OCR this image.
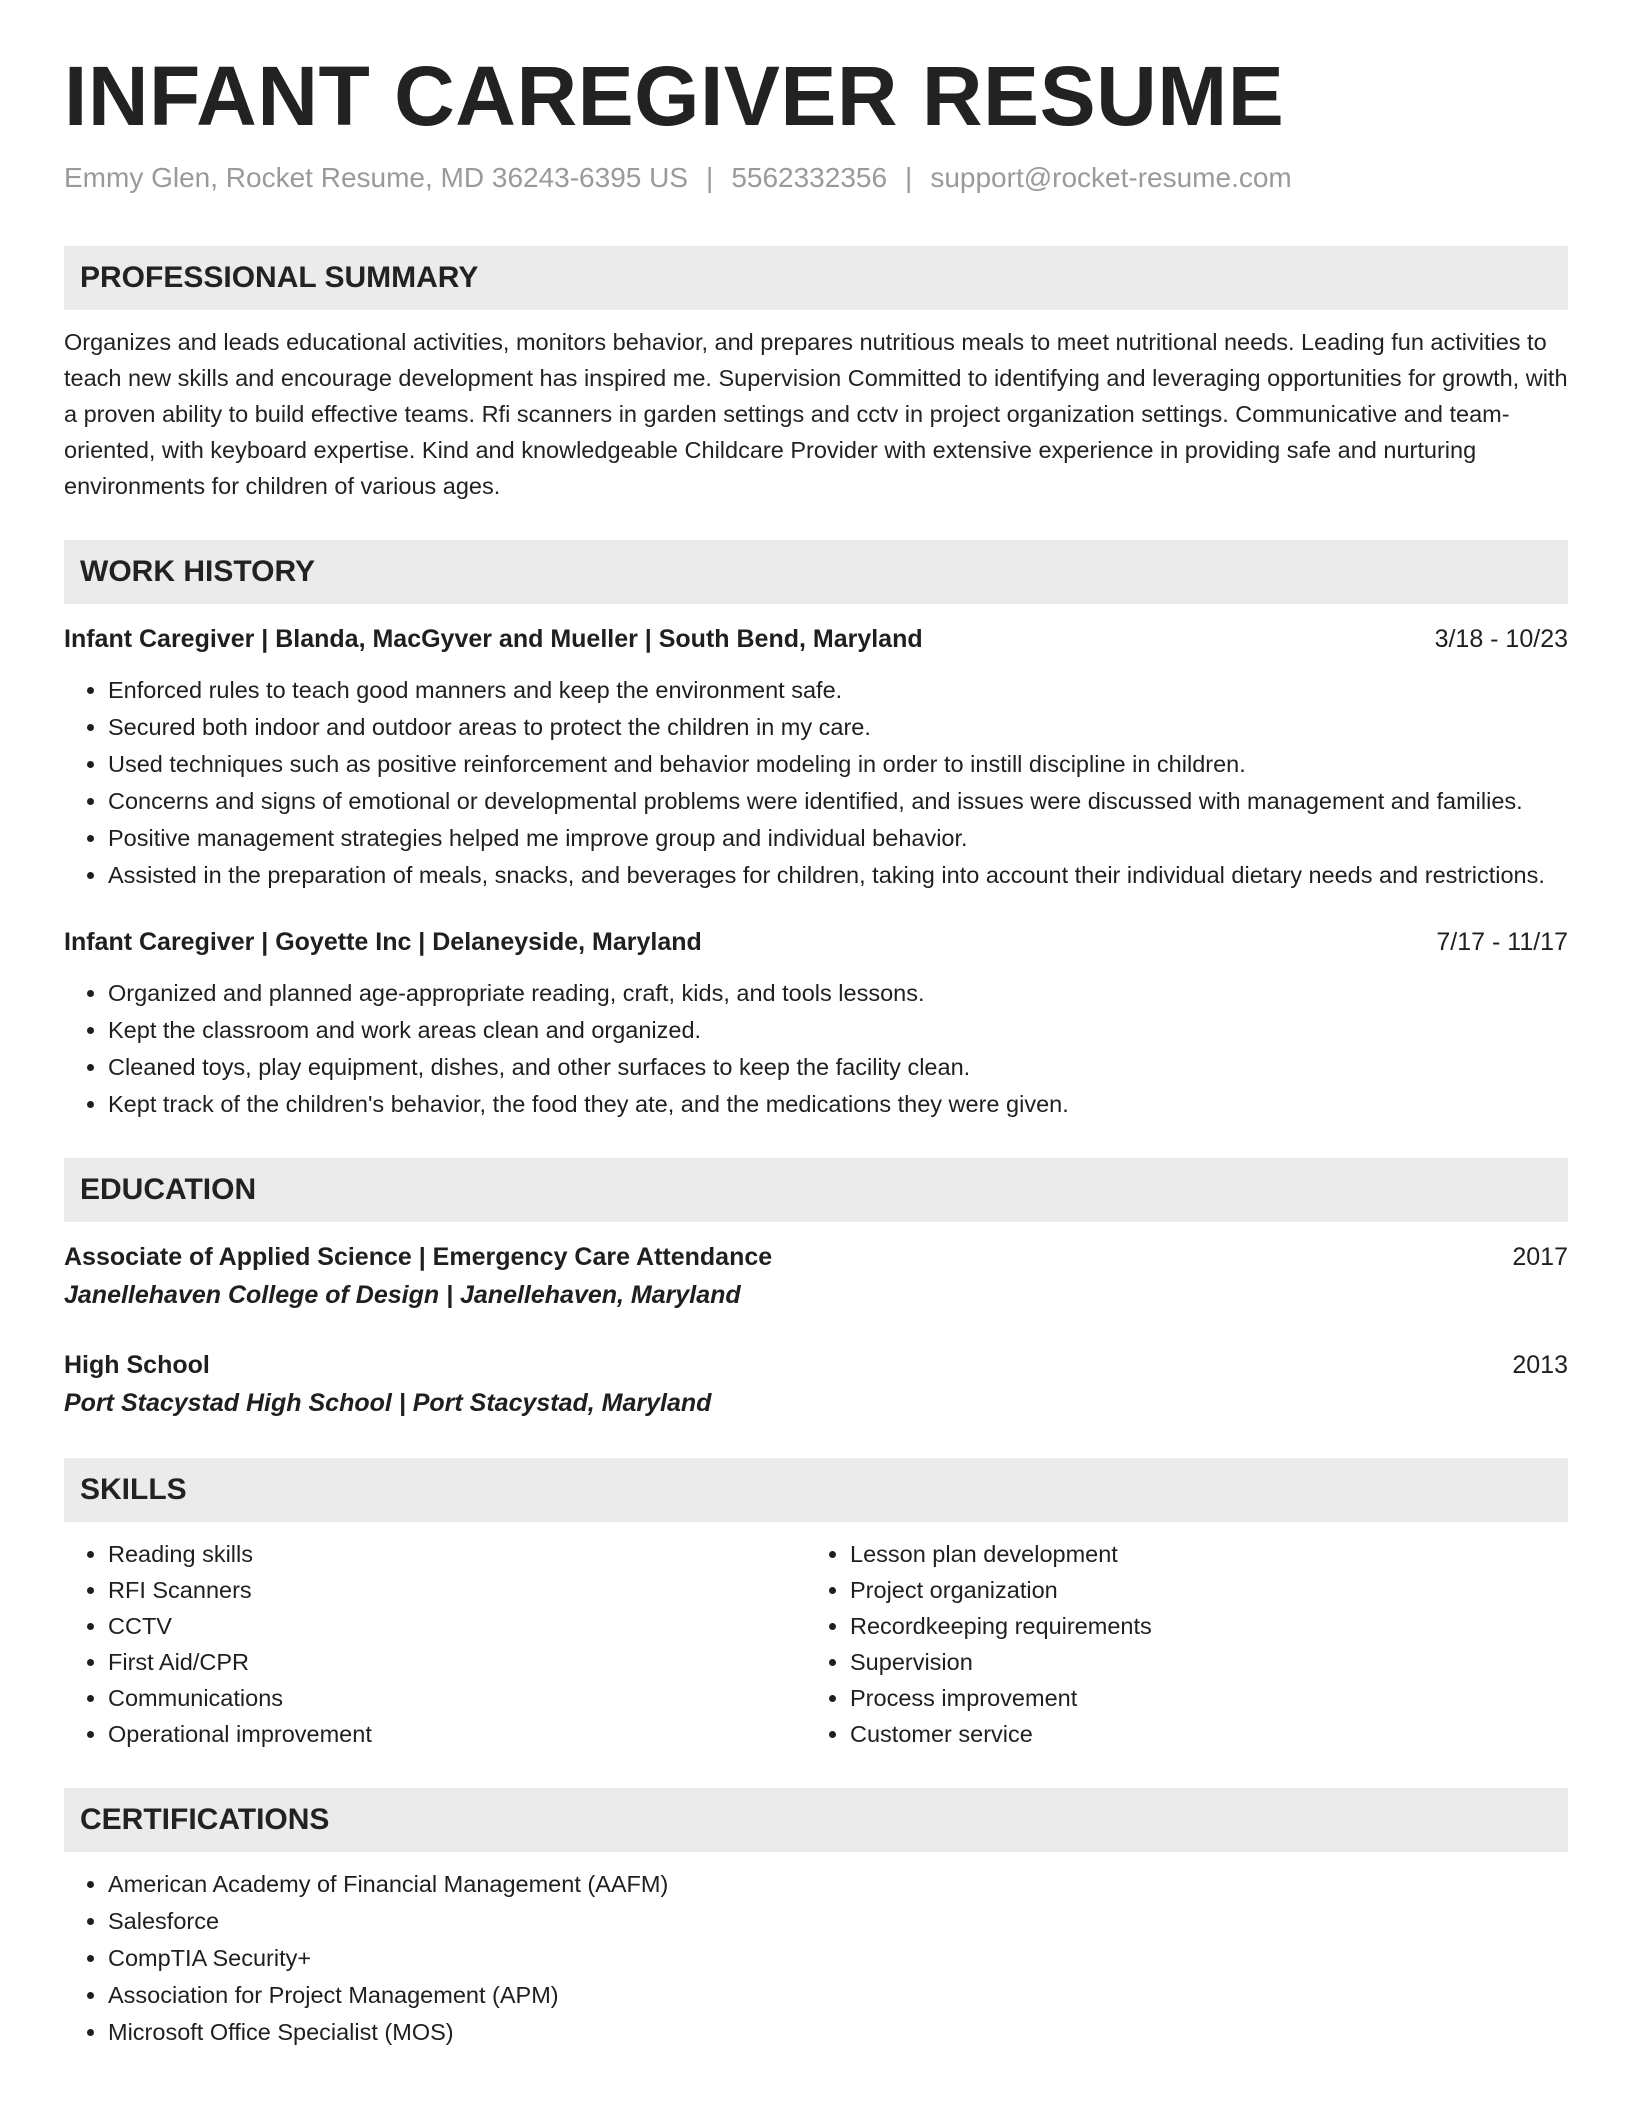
INFANT CAREGIVER RESUME
Emmy Glen, Rocket Resume, MD 36243-6395 US | 5562332356 | support@rocket-resume.com
PROFESSIONAL SUMMARY
Organizes and leads educational activities, monitors behavior, and prepares nutritious meals to meet nutritional needs. Leading fun activities to teach new skills and encourage development has inspired me. Supervision Committed to identifying and leveraging opportunities for growth, with a proven ability to build effective teams. Rfi scanners in garden settings and cctv in project organization settings. Communicative and team-oriented, with keyboard expertise. Kind and knowledgeable Childcare Provider with extensive experience in providing safe and nurturing environments for children of various ages.
WORK HISTORY
Infant Caregiver | Blanda, MacGyver and Mueller | South Bend, Maryland	3/18 - 10/23
• Enforced rules to teach good manners and keep the environment safe.
• Secured both indoor and outdoor areas to protect the children in my care.
• Used techniques such as positive reinforcement and behavior modeling in order to instill discipline in children.
• Concerns and signs of emotional or developmental problems were identified, and issues were discussed with management and families.
• Positive management strategies helped me improve group and individual behavior.
• Assisted in the preparation of meals, snacks, and beverages for children, taking into account their individual dietary needs and restrictions.
Infant Caregiver | Goyette Inc | Delaneyside, Maryland	7/17 - 11/17
• Organized and planned age-appropriate reading, craft, kids, and tools lessons.
• Kept the classroom and work areas clean and organized.
• Cleaned toys, play equipment, dishes, and other surfaces to keep the facility clean.
• Kept track of the children's behavior, the food they ate, and the medications they were given.
EDUCATION
Associate of Applied Science | Emergency Care Attendance	2017
Janellehaven College of Design | Janellehaven, Maryland
High School	2013
Port Stacystad High School | Port Stacystad, Maryland
SKILLS
• Reading skills
• RFI Scanners
• CCTV
• First Aid/CPR
• Communications
• Operational improvement
• Lesson plan development
• Project organization
• Recordkeeping requirements
• Supervision
• Process improvement
• Customer service
CERTIFICATIONS
• American Academy of Financial Management (AAFM)
• Salesforce
• CompTIA Security+
• Association for Project Management (APM)
• Microsoft Office Specialist (MOS)
